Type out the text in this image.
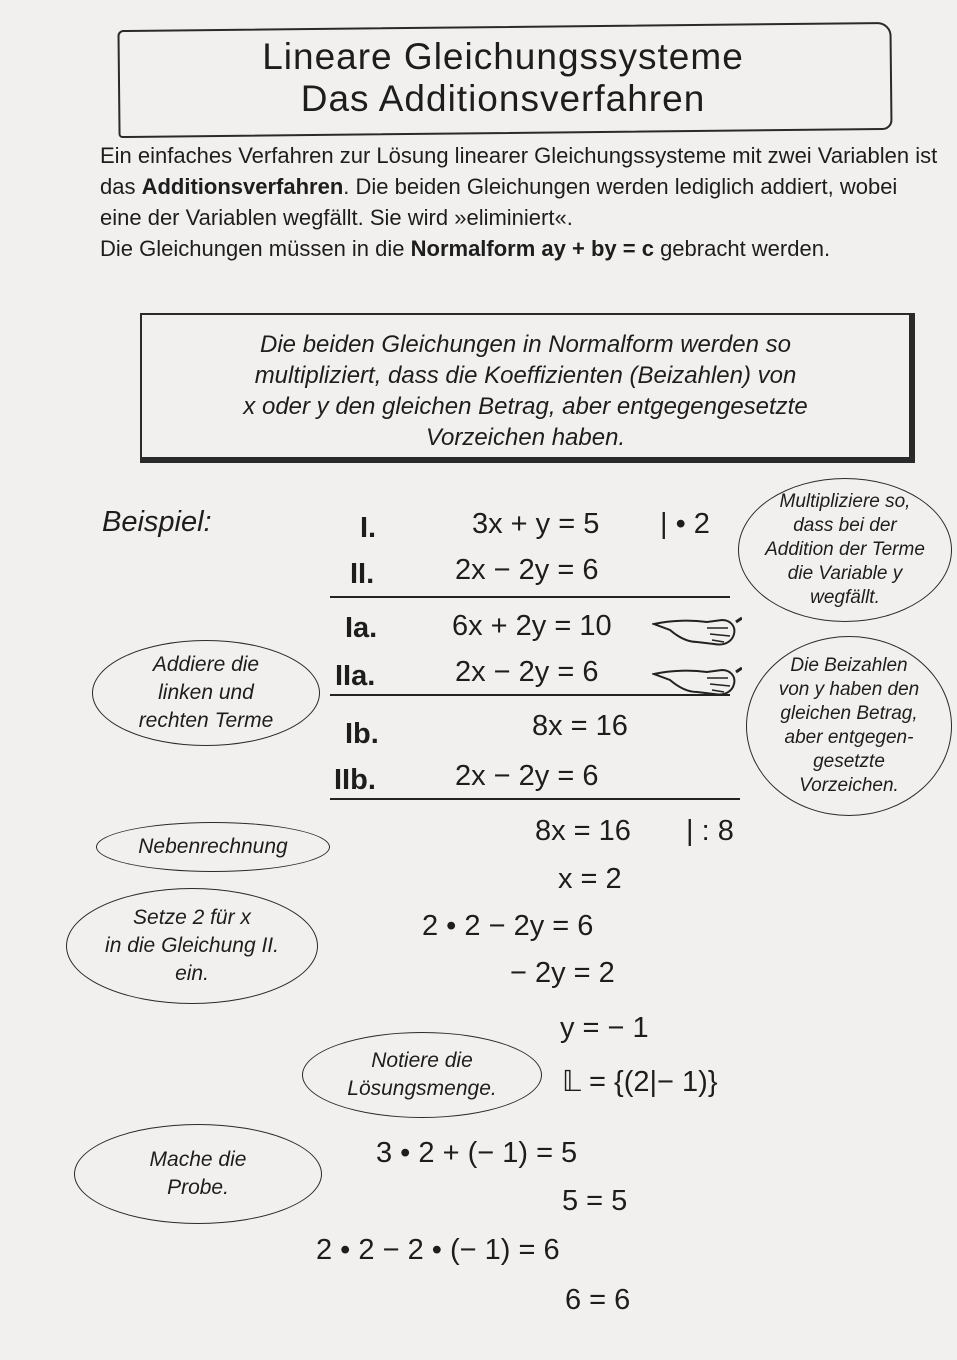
Lineare Gleichungssysteme
Das Additionsverfahren

Ein einfaches Verfahren zur Lösung linearer Gleichungssysteme mit zwei Variablen ist das Additionsverfahren. Die beiden Gleichungen werden lediglich addiert, wobei eine der Variablen wegfällt. Sie wird »eliminiert«.

Die Gleichungen müssen in die Normalform ay + by = c gebracht werden.

Die beiden Gleichungen in Normalform werden so

multipliziert, dass die Koeffizienten (Beizahlen) von

x oder y den gleichen Betrag, aber entgegengesetzte

Vorzeichen haben.

Beispiel:	I.	3x + y = 5 | • 2
II.	2x − 2y = 6
Ia.	6x + 2y = 10
IIa.	2x − 2y = 6
Ib.	8x = 16
IIb.	2x − 2y = 6
8x = 16 | : 8
x = 2
2 • 2 − 2y = 6
− 2y = 2
y = − 1
𝕃 = {(2|− 1)}
3 • 2 + (− 1) = 5
5 = 5
2 • 2 − 2 • (− 1) = 6
6 = 6
Multipliziere so,
dass bei der
Addition der Terme
die Variable y
wegfällt.
Addiere die
linken und
rechten Terme
Die Beizahlen
von y haben den
gleichen Betrag,
aber entgegen-
gesetzte
Vorzeichen.
Nebenrechnung
Setze 2 für x
in die Gleichung II.
ein.
Notiere die
Lösungsmenge.
Mache die
Probe.
